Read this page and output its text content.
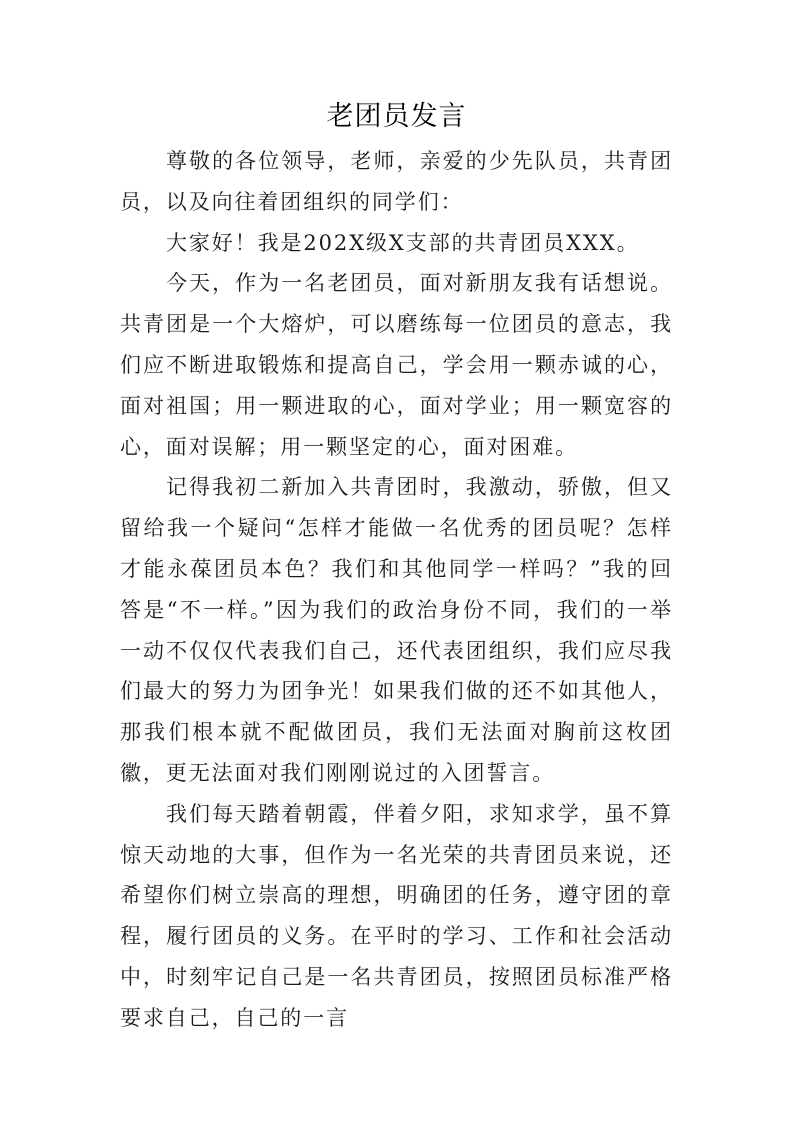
老团员发言

尊敬的各位领导，老师，亲爱的少先队员，共青团员，以及向往着团组织的同学们：

大家好！我是202X级X支部的共青团员XXX。

今天，作为一名老团员，面对新朋友我有话想说。共青团是一个大熔炉，可以磨练每一位团员的意志，我们应不断进取锻炼和提高自己，学会用一颗赤诚的心，面对祖国；用一颗进取的心，面对学业；用一颗宽容的心，面对误解；用一颗坚定的心，面对困难。

记得我初二新加入共青团时，我激动，骄傲，但又留给我一个疑问“怎样才能做一名优秀的团员呢？怎样才能永葆团员本色？我们和其他同学一样吗？”我的回答是“不一样。”因为我们的政治身份不同，我们的一举一动不仅仅代表我们自己，还代表团组织，我们应尽我们最大的努力为团争光！如果我们做的还不如其他人，那我们根本就不配做团员，我们无法面对胸前这枚团徽，更无法面对我们刚刚说过的入团誓言。

我们每天踏着朝霞，伴着夕阳，求知求学，虽不算惊天动地的大事，但作为一名光荣的共青团员来说，还希望你们树立崇高的理想，明确团的任务，遵守团的章程，履行团员的义务。在平时的学习、工作和社会活动中，时刻牢记自己是一名共青团员，按照团员标准严格要求自己，自己的一言
